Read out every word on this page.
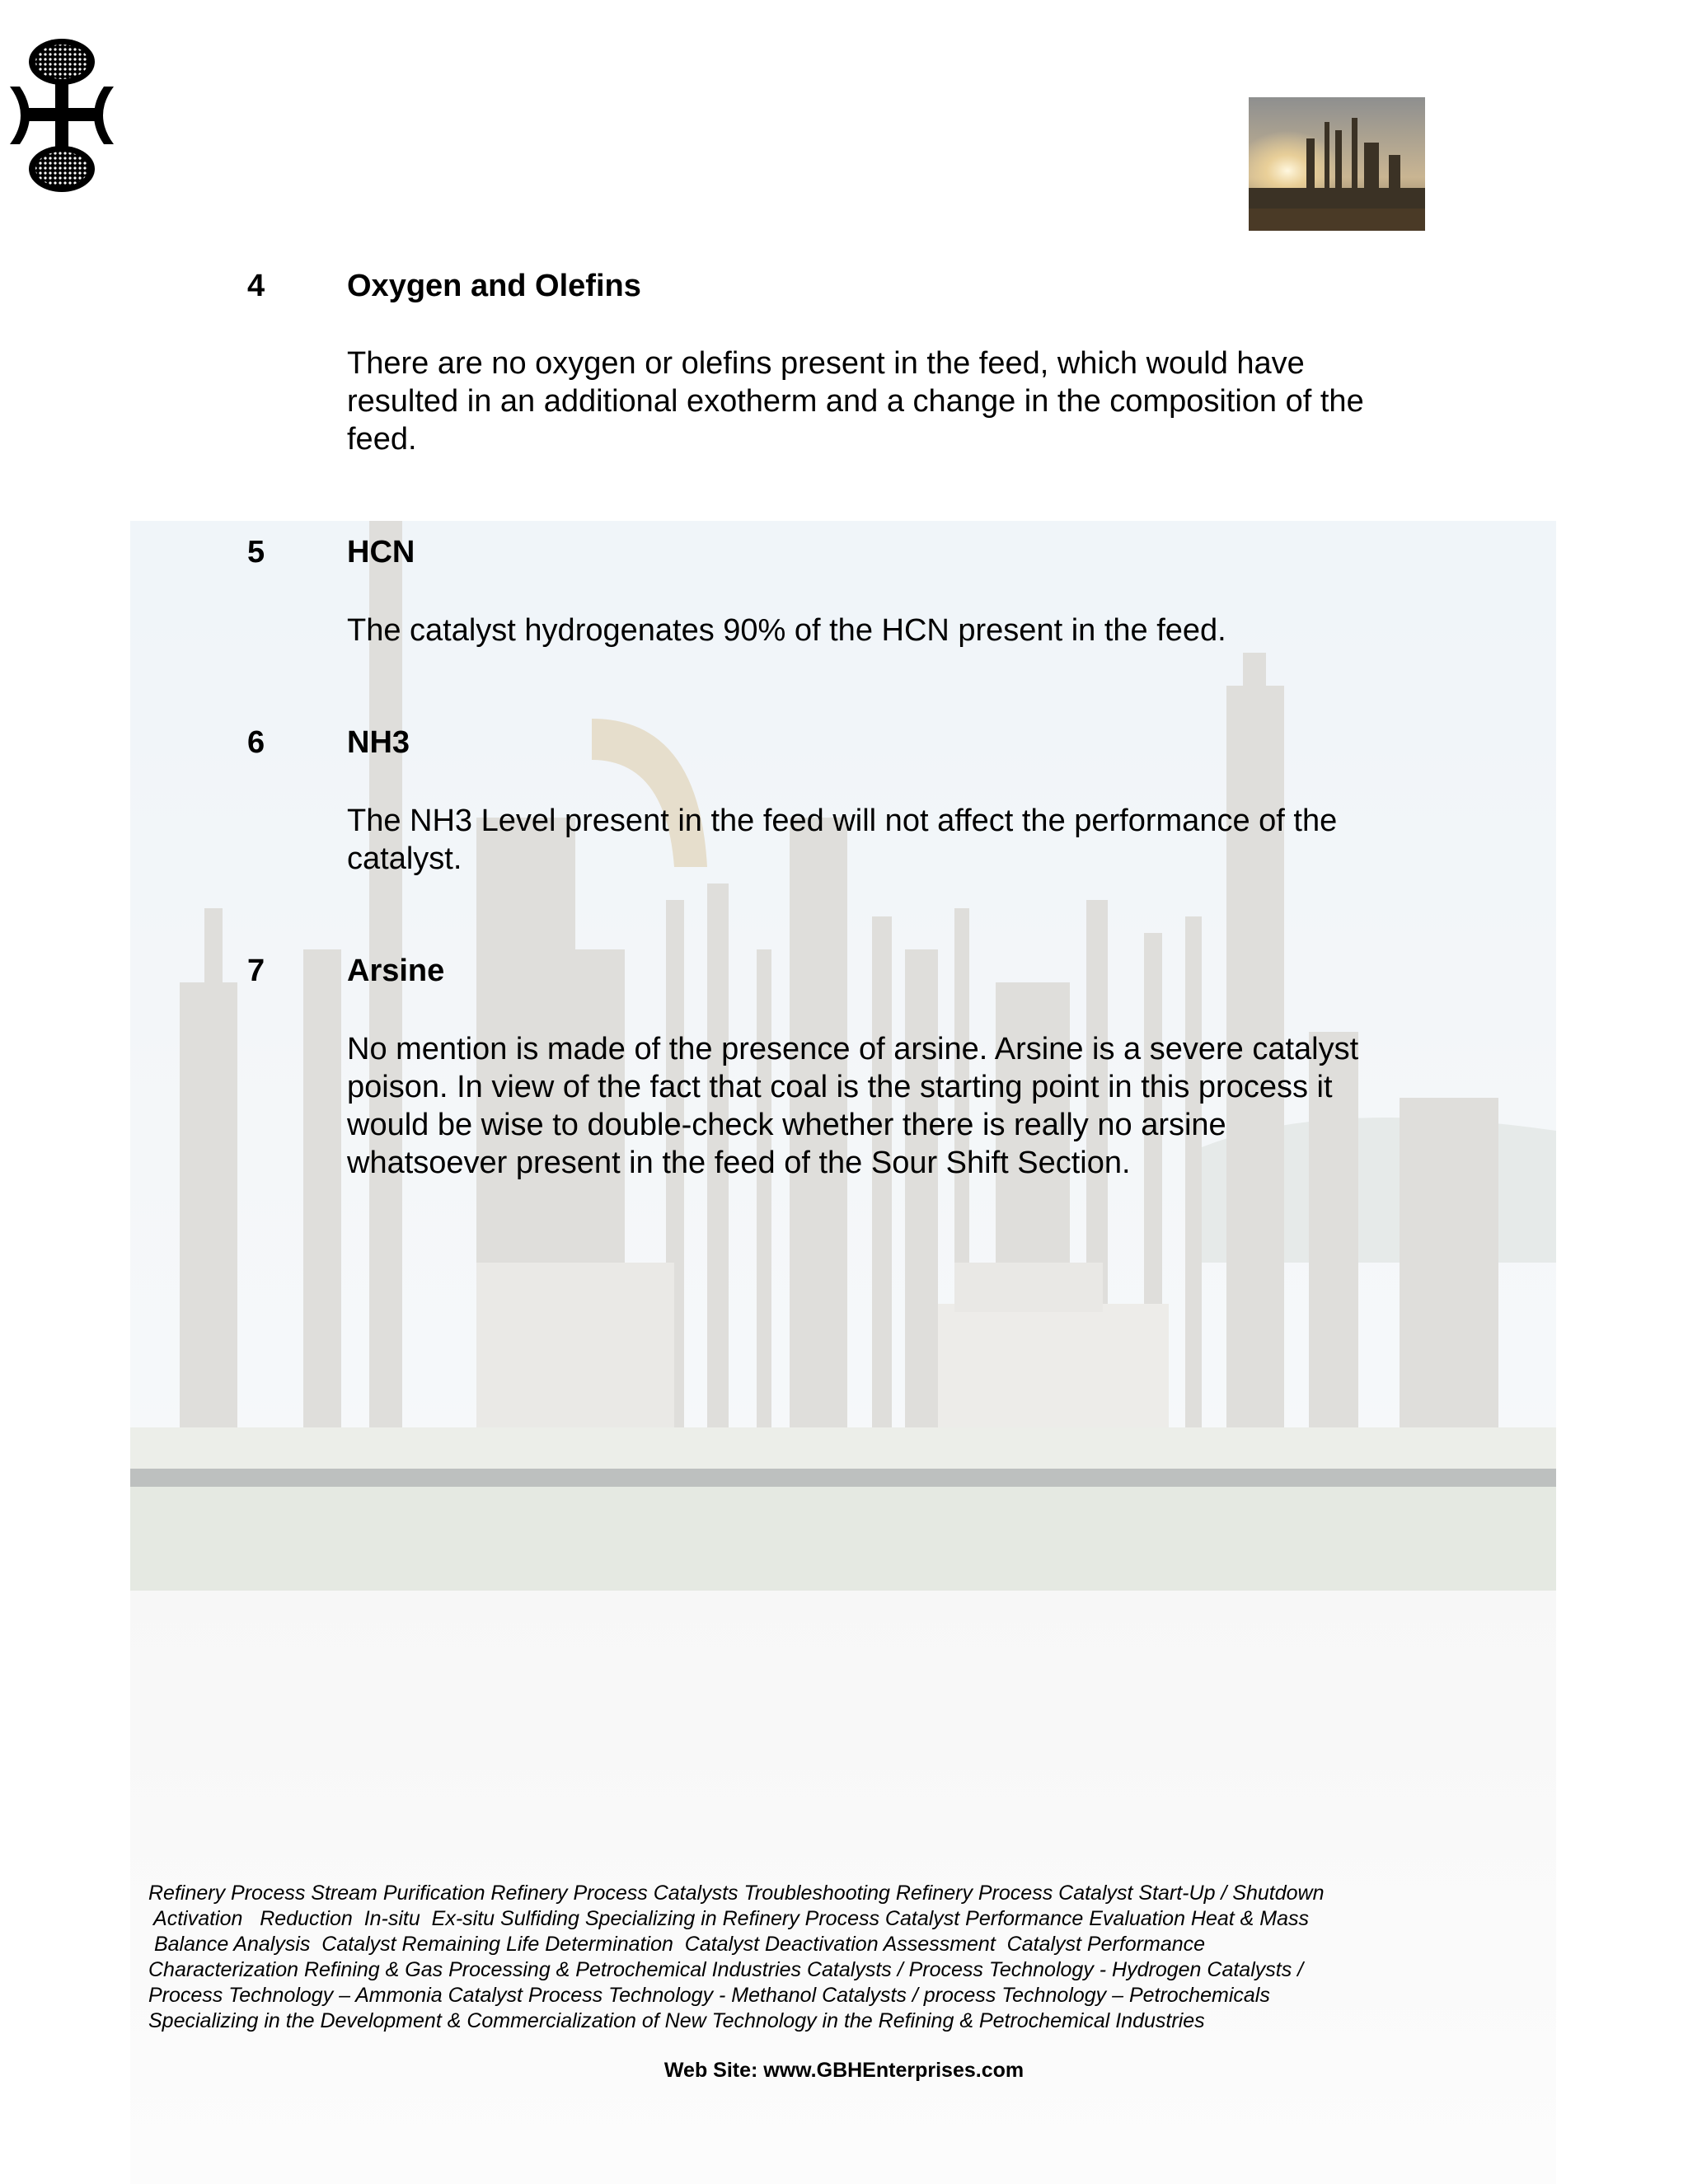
4	Oxygen and Olefins
There are no oxygen or olefins present in the feed, which would have
resulted in an additional exotherm and a change in the composition of the
feed.
5	HCN
The catalyst hydrogenates 90% of the HCN present in the feed.
6	NH3
The NH3 Level present in the feed will not affect the performance of the
catalyst.
7	Arsine
No mention is made of the presence of arsine. Arsine is a severe catalyst
poison. In view of the fact that coal is the starting point in this process it
would be wise to double-check whether there is really no arsine
whatsoever present in the feed of the Sour Shift Section.
Refinery Process Stream Purification Refinery Process Catalysts Troubleshooting Refinery Process Catalyst Start-Up / Shutdown
Activation   Reduction  In-situ  Ex-situ Sulfiding Specializing in Refinery Process Catalyst Performance Evaluation Heat & Mass
Balance Analysis  Catalyst Remaining Life Determination  Catalyst Deactivation Assessment  Catalyst Performance
Characterization Refining & Gas Processing & Petrochemical Industries Catalysts / Process Technology - Hydrogen Catalysts /
Process Technology – Ammonia Catalyst Process Technology - Methanol Catalysts / process Technology – Petrochemicals
Specializing in the Development & Commercialization of New Technology in the Refining & Petrochemical Industries
Web Site: www.GBHEnterprises.com
